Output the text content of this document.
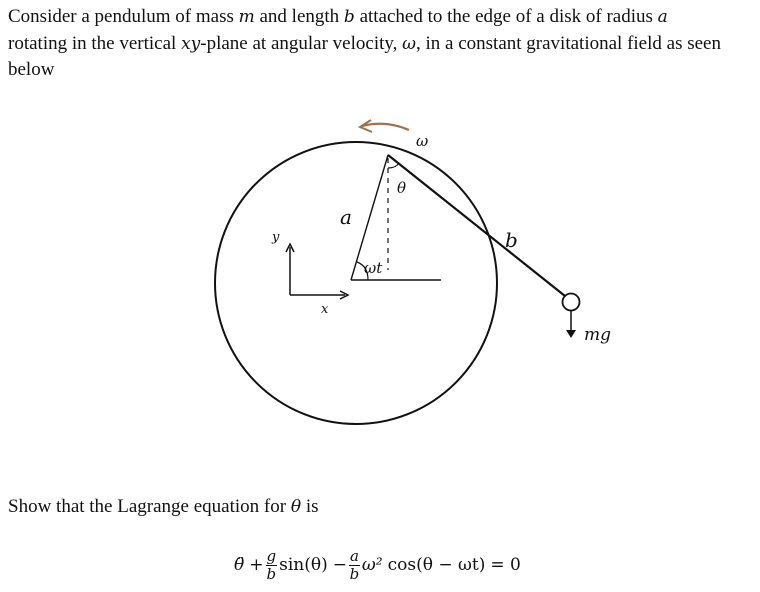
Consider a pendulum of mass m and length b attached to the edge of a disk of radius a
rotating in the vertical xy-plane at angular velocity, ω, in a constant gravitational field as seen below
ω
ωt
θ
a
b
mg
y
x
Show that the Lagrange equation for θ is
θ̈ + $\frac{g}{b} \sin(\theta) - \frac{a}{b} \omega^2$ cos(θ − ωt) = 0
